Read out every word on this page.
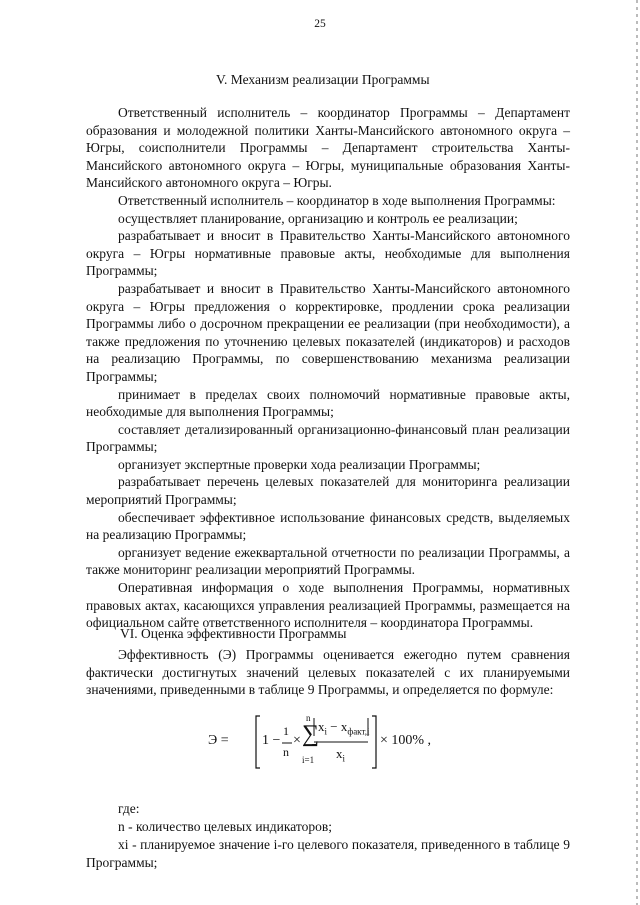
25
V. Механизм реализации Программы

Ответственный исполнитель – координатор Программы – Департамент образования и молодежной политики Ханты-Мансийского автономного округа – Югры, соисполнители Программы – Департамент строительства Ханты-Мансийского автономного округа – Югры, муниципальные образования Ханты-Мансийского автономного округа – Югры.

Ответственный исполнитель – координатор в ходе выполнения Программы:

осуществляет планирование, организацию и контроль ее реализации;

разрабатывает и вносит в Правительство Ханты-Мансийского автономного округа – Югры нормативные правовые акты, необходимые для выполнения Программы;

разрабатывает и вносит в Правительство Ханты-Мансийского автономного округа – Югры предложения о корректировке, продлении срока реализации Программы либо о досрочном прекращении ее реализации (при необходимости), а также предложения по уточнению целевых показателей (индикаторов) и расходов на реализацию Программы, по совершенствованию механизма реализации Программы;

принимает в пределах своих полномочий нормативные правовые акты, необходимые для выполнения Программы;

составляет детализированный организационно-финансовый план реализации Программы;

организует экспертные проверки хода реализации Программы;

разрабатывает перечень целевых показателей для мониторинга реализации мероприятий Программы;

обеспечивает эффективное использование финансовых средств, выделяемых на реализацию Программы;

организует ведение ежеквартальной отчетности по реализации Программы, а также мониторинг реализации мероприятий Программы.

Оперативная информация о ходе выполнения Программы, нормативных правовых актах, касающихся управления реализацией Программы, размещается на официальном сайте ответственного исполнителя – координатора Программы.

VI. Оценка эффективности Программы

Эффективность (Э) Программы оценивается ежегодно путем сравнения фактически достигнутых значений целевых показателей с их планируемыми значениями, приведенными в таблице 9 Программы, и определяется по формуле:

Э = 1 −
1
n
× ∑
n
i=1
$x_i - x_{факт,i}$
$x_i$
× 100% ,

где:

n - количество целевых индикаторов;

xi - планируемое значение i-го целевого показателя, приведенного в таблице 9 Программы;
